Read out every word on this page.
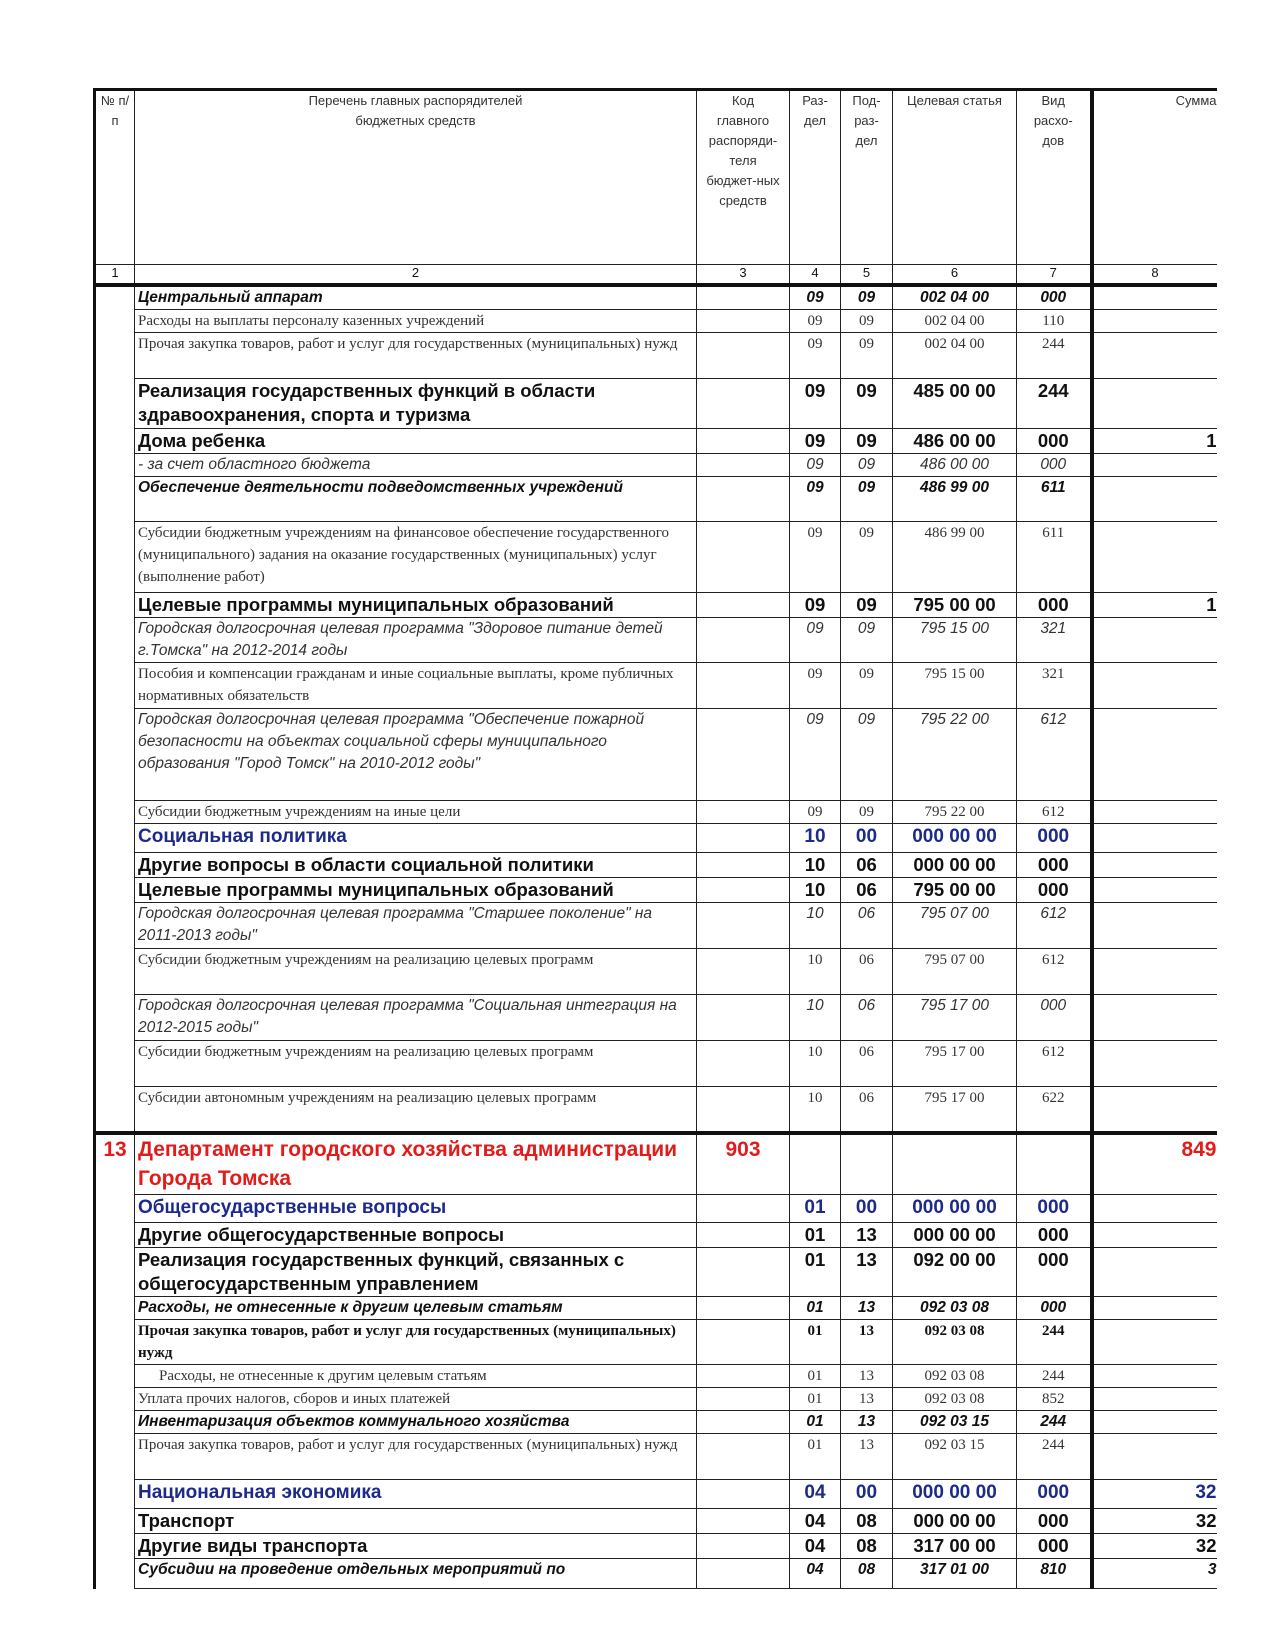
№ п/п	Перечень главных распорядителей бюджетных средств	Код главного распоряди-теля бюджет-ных средств	Раз-дел	Под-раз-дел	Целевая статья	Вид расхо-дов	Сумма
1	2	3	4	5	6	7	8
	Центральный аппарат		09	09	002 04 00	000	
	Расходы на выплаты персоналу казенных учреждений		09	09	002 04 00	110	
	Прочая закупка товаров, работ и услуг для государственных (муниципальных) нужд		09	09	002 04 00	244	
	Реализация государственных функций в области здравоохранения, спорта и туризма		09	09	485 00 00	244	
	Дома ребенка		09	09	486 00 00	000	1
	- за счет областного бюджета		09	09	486 00 00	000	
	Обеспечение деятельности подведомственных учреждений		09	09	486 99 00	611	
	Субсидии бюджетным учреждениям на финансовое обеспечение государственного (муниципального) задания на оказание государственных (муниципальных) услуг (выполнение работ)		09	09	486 99 00	611	
	Целевые программы муниципальных образований		09	09	795 00 00	000	1
	Городская долгосрочная целевая программа "Здоровое питание детей г.Томска" на 2012-2014 годы		09	09	795 15 00	321	
	Пособия и компенсации гражданам и иные социальные выплаты, кроме публичных нормативных обязательств		09	09	795 15 00	321	
	Городская долгосрочная целевая программа "Обеспечение пожарной безопасности на объектах социальной сферы муниципального образования "Город Томск" на 2010-2012 годы"		09	09	795 22 00	612	
	Субсидии бюджетным учреждениям на иные цели		09	09	795 22 00	612	
	Социальная политика		10	00	000 00 00	000	
	Другие вопросы в области социальной политики		10	06	000 00 00	000	
	Целевые программы муниципальных образований		10	06	795 00 00	000	
	Городская долгосрочная целевая программа "Старшее поколение" на 2011-2013 годы"		10	06	795 07 00	612	
	Субсидии бюджетным учреждениям на реализацию целевых программ		10	06	795 07 00	612	
	Городская долгосрочная целевая программа "Социальная интеграция на 2012-2015 годы"		10	06	795 17 00	000	
	Субсидии бюджетным учреждениям на реализацию целевых программ		10	06	795 17 00	612	
	Субсидии автономным учреждениям на реализацию целевых программ		10	06	795 17 00	622	
13	Департамент городского хозяйства администрации Города Томска	903					849
	Общегосударственные вопросы		01	00	000 00 00	000	
	Другие общегосударственные вопросы		01	13	000 00 00	000	
	Реализация государственных функций, связанных с общегосударственным управлением		01	13	092 00 00	000	
	Расходы, не отнесенные к другим целевым статьям		01	13	092 03 08	000	
	Прочая закупка товаров, работ и услуг для государственных (муниципальных) нужд		01	13	092 03 08	244	
	Расходы, не отнесенные к другим целевым статьям		01	13	092 03 08	244	
	Уплата прочих налогов, сборов и иных платежей		01	13	092 03 08	852	
	Инвентаризация объектов коммунального хозяйства		01	13	092 03 15	244	
	Прочая закупка товаров, работ и услуг для государственных (муниципальных) нужд		01	13	092 03 15	244	
	Национальная экономика		04	00	000 00 00	000	32
	Транспорт		04	08	000 00 00	000	32
	Другие виды транспорта		04	08	317 00 00	000	32
	Субсидии на проведение отдельных мероприятий по		04	08	317 01 00	810	3
